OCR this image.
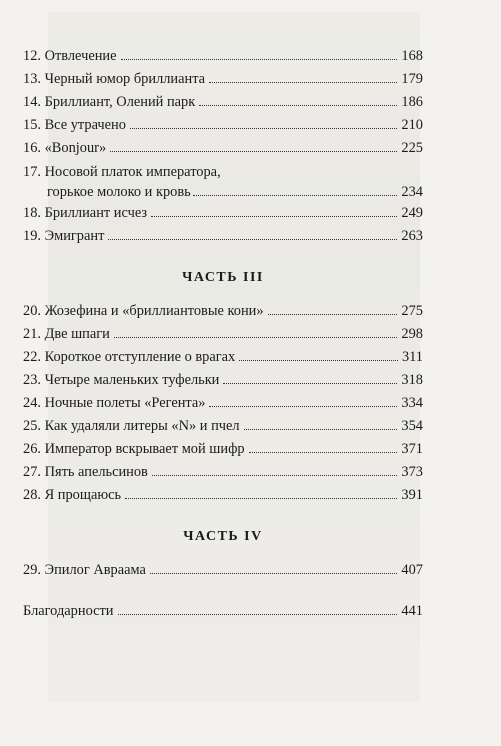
12. Отвлечение	168
13. Черный юмор бриллианта	179
14. Бриллиант, Олений парк	186
15. Все утрачено	210
16. «Bonjour»	225
17. Носовой платок императора,
горькое молоко и кровь	234
18. Бриллиант исчез	249
19. Эмигрант	263
ЧАСТЬ III
20. Жозефина и «бриллиантовые кони»	275
21. Две шпаги	298
22. Короткое отступление о врагах	311
23. Четыре маленьких туфельки	318
24. Ночные полеты «Регента»	334
25. Как удаляли литеры «N» и пчел	354
26. Император вскрывает мой шифр	371
27. Пять апельсинов	373
28. Я прощаюсь	391
ЧАСТЬ IV
29. Эпилог Авраама	407
Благодарности	441
